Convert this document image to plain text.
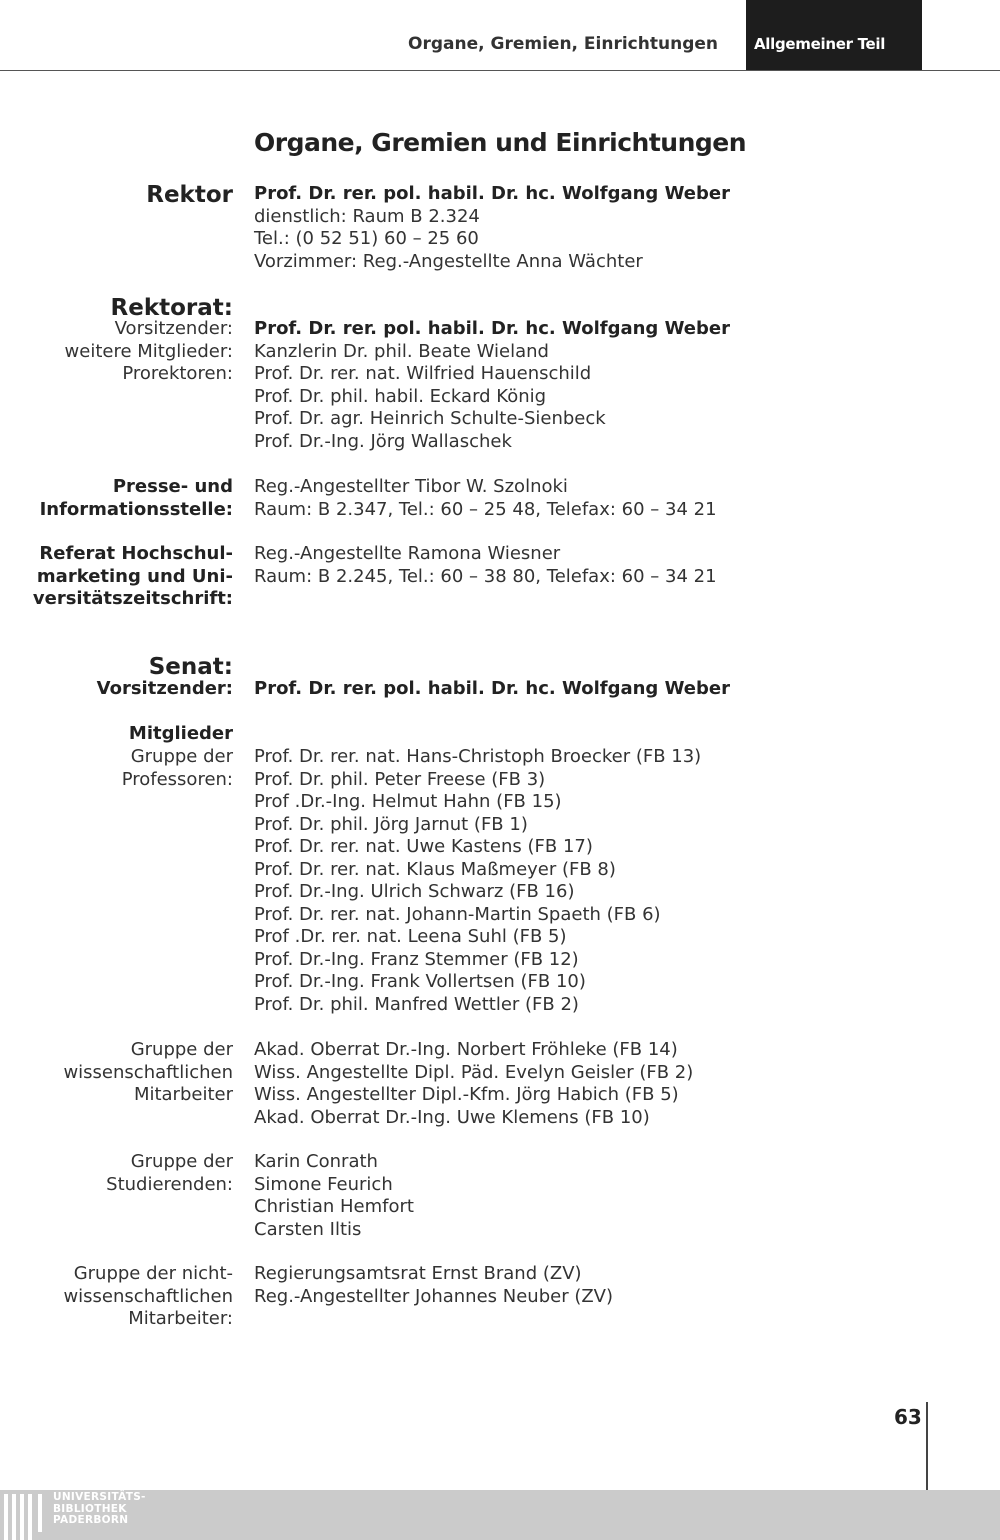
Organe, Gremien, Einrichtungen Allgemeiner Teil
Organe, Gremien und Einrichtungen
Rektor Prof. Dr. rer. pol. habil. Dr. hc. Wolfgang Weber
dienstlich: Raum B 2.324
Tel.: (0 52 51) 60 – 25 60
Vorzimmer: Reg.-Angestellte Anna Wächter
Rektorat:
Vorsitzender: Prof. Dr. rer. pol. habil. Dr. hc. Wolfgang Weber
weitere Mitglieder: Kanzlerin Dr. phil. Beate Wieland
Prorektoren: Prof. Dr. rer. nat. Wilfried Hauenschild
Prof. Dr. phil. habil. Eckard König
Prof. Dr. agr. Heinrich Schulte-Sienbeck
Prof. Dr.-Ing. Jörg Wallaschek
Presse- und
Informationsstelle:
Reg.-Angestellter Tibor W. Szolnoki
Raum: B 2.347, Tel.: 60 – 25 48, Telefax: 60 – 34 21
Referat Hochschul-
marketing und Uni-
versitätszeitschrift:
Reg.-Angestellte Ramona Wiesner
Raum: B 2.245, Tel.: 60 – 38 80, Telefax: 60 – 34 21
Senat:
Vorsitzender: Prof. Dr. rer. pol. habil. Dr. hc. Wolfgang Weber
Mitglieder
Gruppe der
Professoren:
Prof. Dr. rer. nat. Hans-Christoph Broecker (FB 13)
Prof. Dr. phil. Peter Freese (FB 3)
Prof .Dr.-Ing. Helmut Hahn (FB 15)
Prof. Dr. phil. Jörg Jarnut (FB 1)
Prof. Dr. rer. nat. Uwe Kastens (FB 17)
Prof. Dr. rer. nat. Klaus Maßmeyer (FB 8)
Prof. Dr.-Ing. Ulrich Schwarz (FB 16)
Prof. Dr. rer. nat. Johann-Martin Spaeth (FB 6)
Prof .Dr. rer. nat. Leena Suhl (FB 5)
Prof. Dr.-Ing. Franz Stemmer (FB 12)
Prof. Dr.-Ing. Frank Vollertsen (FB 10)
Prof. Dr. phil. Manfred Wettler (FB 2)
Gruppe der
wissenschaftlichen
Mitarbeiter
Akad. Oberrat Dr.-Ing. Norbert Fröhleke (FB 14)
Wiss. Angestellte Dipl. Päd. Evelyn Geisler (FB 2)
Wiss. Angestellter Dipl.-Kfm. Jörg Habich (FB 5)
Akad. Oberrat Dr.-Ing. Uwe Klemens (FB 10)
Gruppe der
Studierenden:
Karin Conrath
Simone Feurich
Christian Hemfort
Carsten Iltis
Gruppe der nicht-
wissenschaftlichen
Mitarbeiter:
Regierungsamtsrat Ernst Brand (ZV)
Reg.-Angestellter Johannes Neuber (ZV)
63
UNIVERSITÄTS-
BIBLIOTHEK
PADERBORN
